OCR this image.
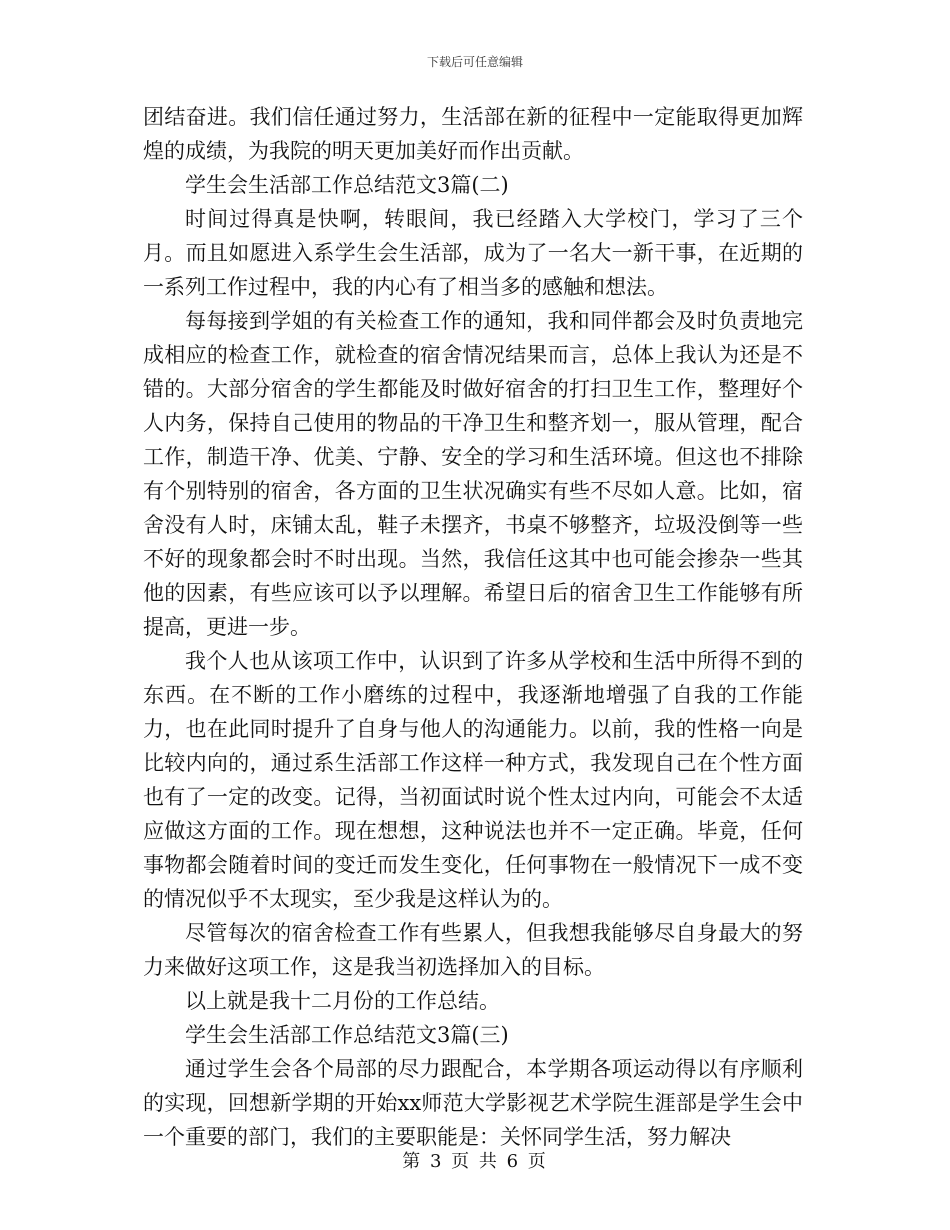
下载后可任意编辑

团结奋进。我们信任通过努力，生活部在新的征程中一定能取得更加辉煌的成绩，为我院的明天更加美好而作出贡献。

学生会生活部工作总结范文3篇(二)

时间过得真是快啊，转眼间，我已经踏入大学校门，学习了三个月。而且如愿进入系学生会生活部，成为了一名大一新干事，在近期的一系列工作过程中，我的内心有了相当多的感触和想法。

每每接到学姐的有关检查工作的通知，我和同伴都会及时负责地完成相应的检查工作，就检查的宿舍情况结果而言，总体上我认为还是不错的。大部分宿舍的学生都能及时做好宿舍的打扫卫生工作，整理好个人内务，保持自己使用的物品的干净卫生和整齐划一，服从管理，配合工作，制造干净、优美、宁静、安全的学习和生活环境。但这也不排除有个别特别的宿舍，各方面的卫生状况确实有些不尽如人意。比如，宿舍没有人时，床铺太乱，鞋子未摆齐，书桌不够整齐，垃圾没倒等一些不好的现象都会时不时出现。当然，我信任这其中也可能会掺杂一些其他的因素，有些应该可以予以理解。希望日后的宿舍卫生工作能够有所提高，更进一步。

我个人也从该项工作中，认识到了许多从学校和生活中所得不到的东西。在不断的工作小磨练的过程中，我逐渐地增强了自我的工作能力，也在此同时提升了自身与他人的沟通能力。以前，我的性格一向是比较内向的，通过系生活部工作这样一种方式，我发现自己在个性方面也有了一定的改变。记得，当初面试时说个性太过内向，可能会不太适应做这方面的工作。现在想想，这种说法也并不一定正确。毕竟，任何事物都会随着时间的变迁而发生变化，任何事物在一般情况下一成不变的情况似乎不太现实，至少我是这样认为的。

尽管每次的宿舍检查工作有些累人，但我想我能够尽自身最大的努力来做好这项工作，这是我当初选择加入的目标。

以上就是我十二月份的工作总结。

学生会生活部工作总结范文3篇(三)

通过学生会各个局部的尽力跟配合，本学期各项运动得以有序顺利的实现，回想新学期的开始xx师范大学影视艺术学院生涯部是学生会中一个重要的部门，我们的主要职能是：关怀同学生活，努力解决

第 3 页 共 6 页
